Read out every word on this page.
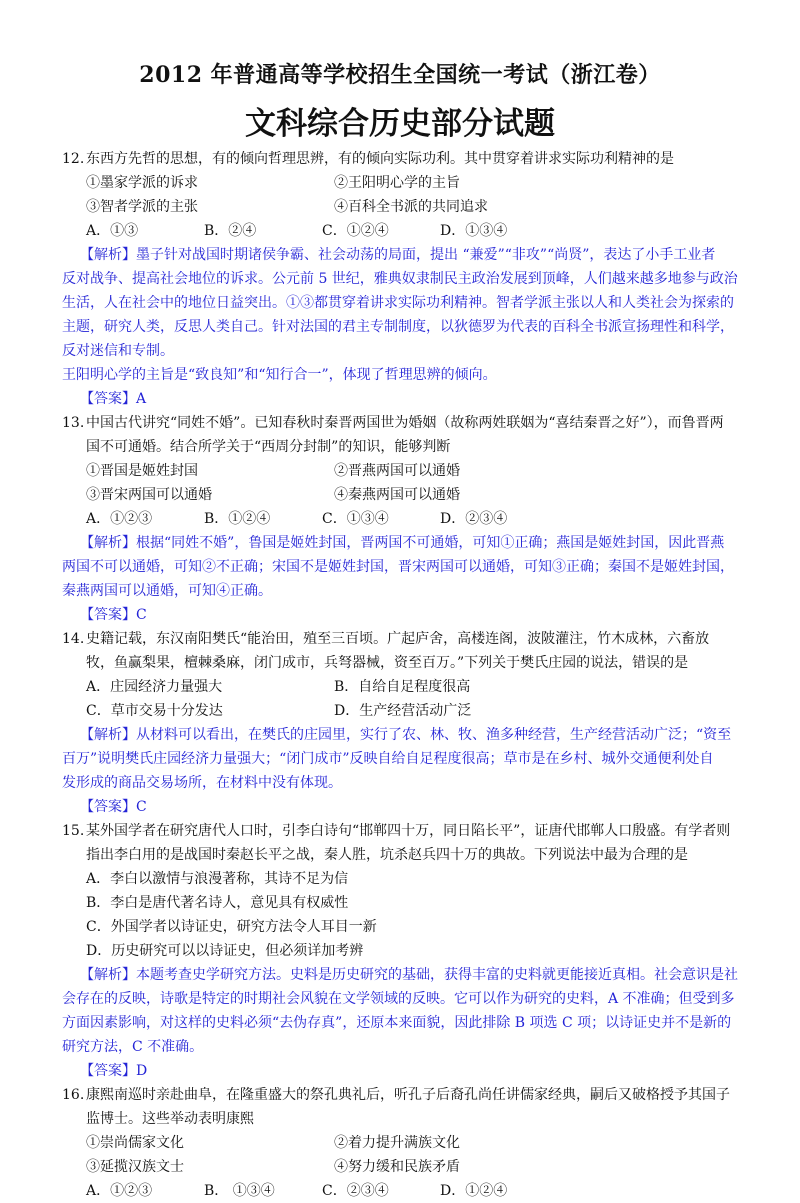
2012 年普通高等学校招生全国统一考试（浙江卷）
文科综合历史部分试题
12. 东西方先哲的思想，有的倾向哲理思辨，有的倾向实际功利。其中贯穿着讲求实际功利精神的是
①墨家学派的诉求	②王阳明心学的主旨
③智者学派的主张	④百科全书派的共同追求
A．①③	B．②④	C．①②④	D．①③④
【解析】墨子针对战国时期诸侯争霸、社会动荡的局面，提出 “兼爱”“非攻”“尚贤”，表达了小手工业者
反对战争、提高社会地位的诉求。公元前 5 世纪，雅典奴隶制民主政治发展到顶峰，人们越来越多地参与政治
生活，人在社会中的地位日益突出。①③都贯穿着讲求实际功利精神。智者学派主张以人和人类社会为探索的
主题，研究人类，反思人类自己。针对法国的君主专制制度，以狄德罗为代表的百科全书派宣扬理性和科学，
反对迷信和专制。
王阳明心学的主旨是“致良知”和“知行合一”，体现了哲理思辨的倾向。
【答案】A
13. 中国古代讲究“同姓不婚”。已知春秋时秦晋两国世为婚姻（故称两姓联姻为“喜结秦晋之好”），而鲁晋两
国不可通婚。结合所学关于“西周分封制”的知识，能够判断
①晋国是姬姓封国	②晋燕两国可以通婚
③晋宋两国可以通婚	④秦燕两国可以通婚
A．①②③	B．①②④	C．①③④	D．②③④
【解析】根据“同姓不婚”，鲁国是姬姓封国，晋两国不可通婚，可知①正确；燕国是姬姓封国，因此晋燕
两国不可以通婚，可知②不正确；宋国不是姬姓封国，晋宋两国可以通婚，可知③正确；秦国不是姬姓封国，
秦燕两国可以通婚，可知④正确。
【答案】C
14. 史籍记载，东汉南阳樊氏“能治田，殖至三百顷。广起庐舍，高楼连阁，波陂灌注，竹木成林，六畜放
牧，鱼赢梨果，檀棘桑麻，闭门成市，兵弩器械，资至百万。”下列关于樊氏庄园的说法，错误的是
A．庄园经济力量强大	B．自给自足程度很高
C．草市交易十分发达	D．生产经营活动广泛
【解析】从材料可以看出，在樊氏的庄园里，实行了农、林、牧、渔多种经营，生产经营活动广泛；“资至
百万”说明樊氏庄园经济力量强大；“闭门成市”反映自给自足程度很高；草市是在乡村、城外交通便利处自
发形成的商品交易场所，在材料中没有体现。
【答案】C
15. 某外国学者在研究唐代人口时，引李白诗句“邯郸四十万，同日陷长平”，证唐代邯郸人口殷盛。有学者则
指出李白用的是战国时秦赵长平之战，秦人胜，坑杀赵兵四十万的典故。下列说法中最为合理的是
A．李白以激情与浪漫著称，其诗不足为信
B．李白是唐代著名诗人，意见具有权威性
C．外国学者以诗证史，研究方法令人耳目一新
D．历史研究可以以诗证史，但必须详加考辨
【解析】本题考查史学研究方法。史料是历史研究的基础，获得丰富的史料就更能接近真相。社会意识是社
会存在的反映，诗歌是特定的时期社会风貌在文学领域的反映。它可以作为研究的史料，A 不准确；但受到多
方面因素影响，对这样的史料必须“去伪存真”，还原本来面貌，因此排除 B 项选 C 项；以诗证史并不是新的
研究方法，C 不准确。
【答案】D
16. 康熙南巡时亲赴曲阜，在隆重盛大的祭孔典礼后，听孔子后裔孔尚任讲儒家经典，嗣后又破格授予其国子
监博士。这些举动表明康熙
①崇尚儒家文化	②着力提升满族文化
③延揽汉族文士	④努力缓和民族矛盾
A．①②③	B． ①③④	C．②③④	D．①②④
